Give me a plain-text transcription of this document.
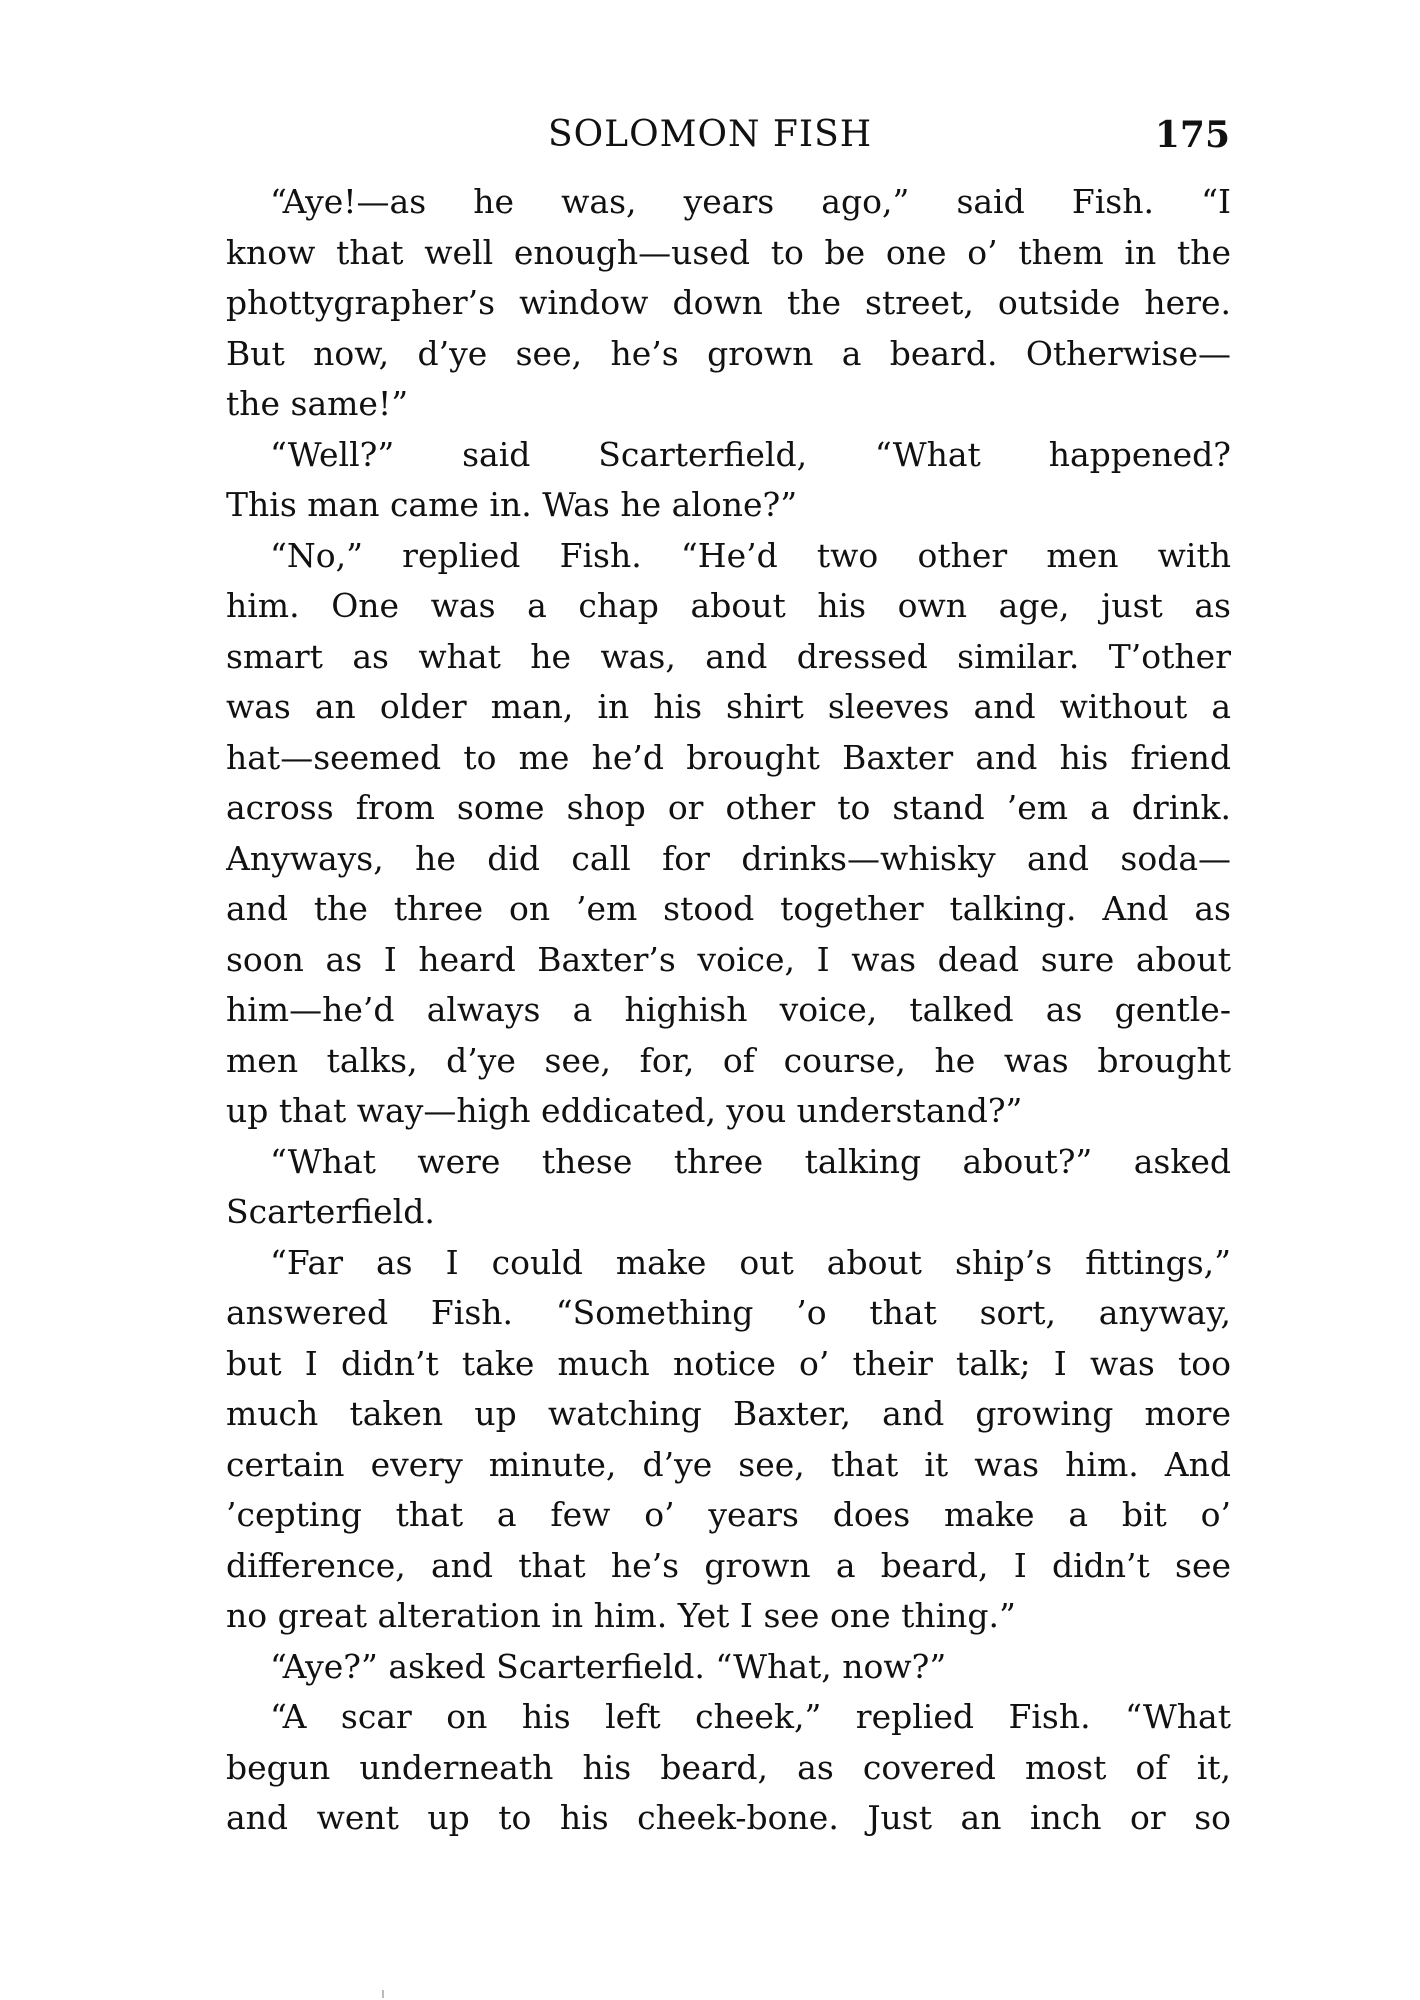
SOLOMON FISH	175
“Aye!—as he was, years ago,” said Fish. “I
know that well enough—used to be one o’ them in the
phottygrapher’s window down the street, outside here.
But now, d’ye see, he’s grown a beard. Otherwise—
the same!”
“Well?” said Scarterfield, “What happened?
This man came in. Was he alone?”
“No,” replied Fish. “He’d two other men with
him. One was a chap about his own age, just as
smart as what he was, and dressed similar. T’other
was an older man, in his shirt sleeves and without a
hat—seemed to me he’d brought Baxter and his friend
across from some shop or other to stand ’em a drink.
Anyways, he did call for drinks—whisky and soda—
and the three on ’em stood together talking. And as
soon as I heard Baxter’s voice, I was dead sure about
him—he’d always a highish voice, talked as gentle-
men talks, d’ye see, for, of course, he was brought
up that way—high eddicated, you understand?”
“What were these three talking about?” asked
Scarterfield.
“Far as I could make out about ship’s fittings,”
answered Fish. “Something ’o that sort, anyway,
but I didn’t take much notice o’ their talk; I was too
much taken up watching Baxter, and growing more
certain every minute, d’ye see, that it was him. And
’cepting that a few o’ years does make a bit o’
difference, and that he’s grown a beard, I didn’t see
no great alteration in him. Yet I see one thing.”
“Aye?” asked Scarterfield. “What, now?”
“A scar on his left cheek,” replied Fish. “What
begun underneath his beard, as covered most of it,
and went up to his cheek-bone. Just an inch or so
